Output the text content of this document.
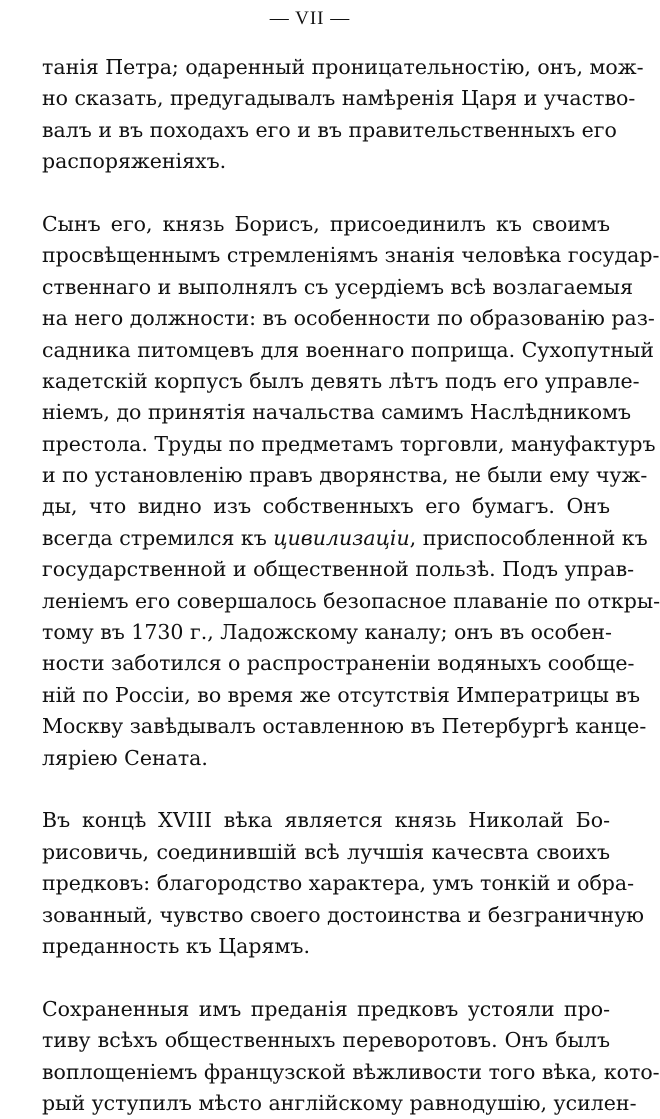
— VII —
танія Петра; одаренный проницательностію, онъ, мож-
но сказать, предугадывалъ намѣренія Царя и участво-
валъ и въ походахъ его и въ правительственныхъ его
распоряженіяхъ.
Сынъ его, князь Борисъ, присоединилъ къ своимъ
просвѣщеннымъ стремленіямъ знанія человѣка государ-
ственнаго и выполнялъ съ усердіемъ всѣ возлагаемыя
на него должности: въ особенности по образованію раз-
садника питомцевъ для военнаго поприща. Сухопутный
кадетскій корпусъ былъ девять лѣтъ подъ его управле-
ніемъ, до принятія начальства самимъ Наслѣдникомъ
престола. Труды по предметамъ торговли, мануфактуръ
и по установленію правъ дворянства, не были ему чуж-
ды, что видно изъ собственныхъ его бумагъ. Онъ
всегда стремился къ цивилизаціи, приспособленной къ
государственной и общественной пользѣ. Подъ управ-
леніемъ его совершалось безопасное плаваніе по откры-
тому въ 1730 г., Ладожскому каналу; онъ въ особен-
ности заботился о распространеніи водяныхъ сообще-
ній по Россіи, во время же отсутствія Императрицы въ
Москву завѣдывалъ оставленною въ Петербургѣ канце-
ляріею Сената.
Въ концѣ XVIII вѣка является князь Николай Бо-
рисовичь, соединившій всѣ лучшія качесвта своихъ
предковъ: благородство характера, умъ тонкій и обра-
зованный, чувство своего достоинства и безграничную
преданность къ Царямъ.
Сохраненныя имъ преданія предковъ устояли про-
тиву всѣхъ общественныхъ переворотовъ. Онъ былъ
воплощеніемъ французской вѣжливости того вѣка, кото-
рый уступилъ мѣсто англійскому равнодушію, усилен-
